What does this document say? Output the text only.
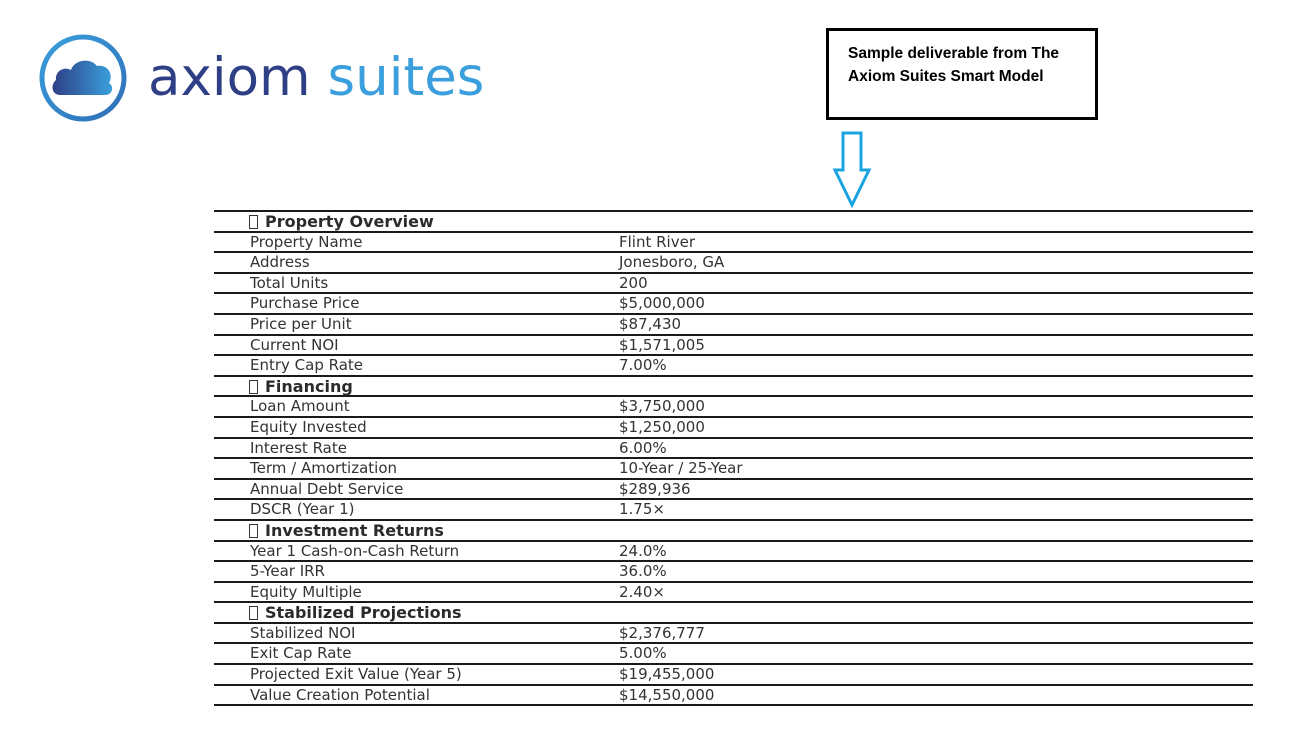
axiom suites	Sample deliverable from The Axiom Suites Smart Model
Property Overview
Property Name	Flint River
Address	Jonesboro, GA
Total Units	200
Purchase Price	$5,000,000
Price per Unit	$87,430
Current NOI	$1,571,005
Entry Cap Rate	7.00%
Financing
Loan Amount	$3,750,000
Equity Invested	$1,250,000
Interest Rate	6.00%
Term / Amortization	10-Year / 25-Year
Annual Debt Service	$289,936
DSCR (Year 1)	1.75×
Investment Returns
Year 1 Cash-on-Cash Return	24.0%
5-Year IRR	36.0%
Equity Multiple	2.40×
Stabilized Projections
Stabilized NOI	$2,376,777
Exit Cap Rate	5.00%
Projected Exit Value (Year 5)	$19,455,000
Value Creation Potential	$14,550,000
